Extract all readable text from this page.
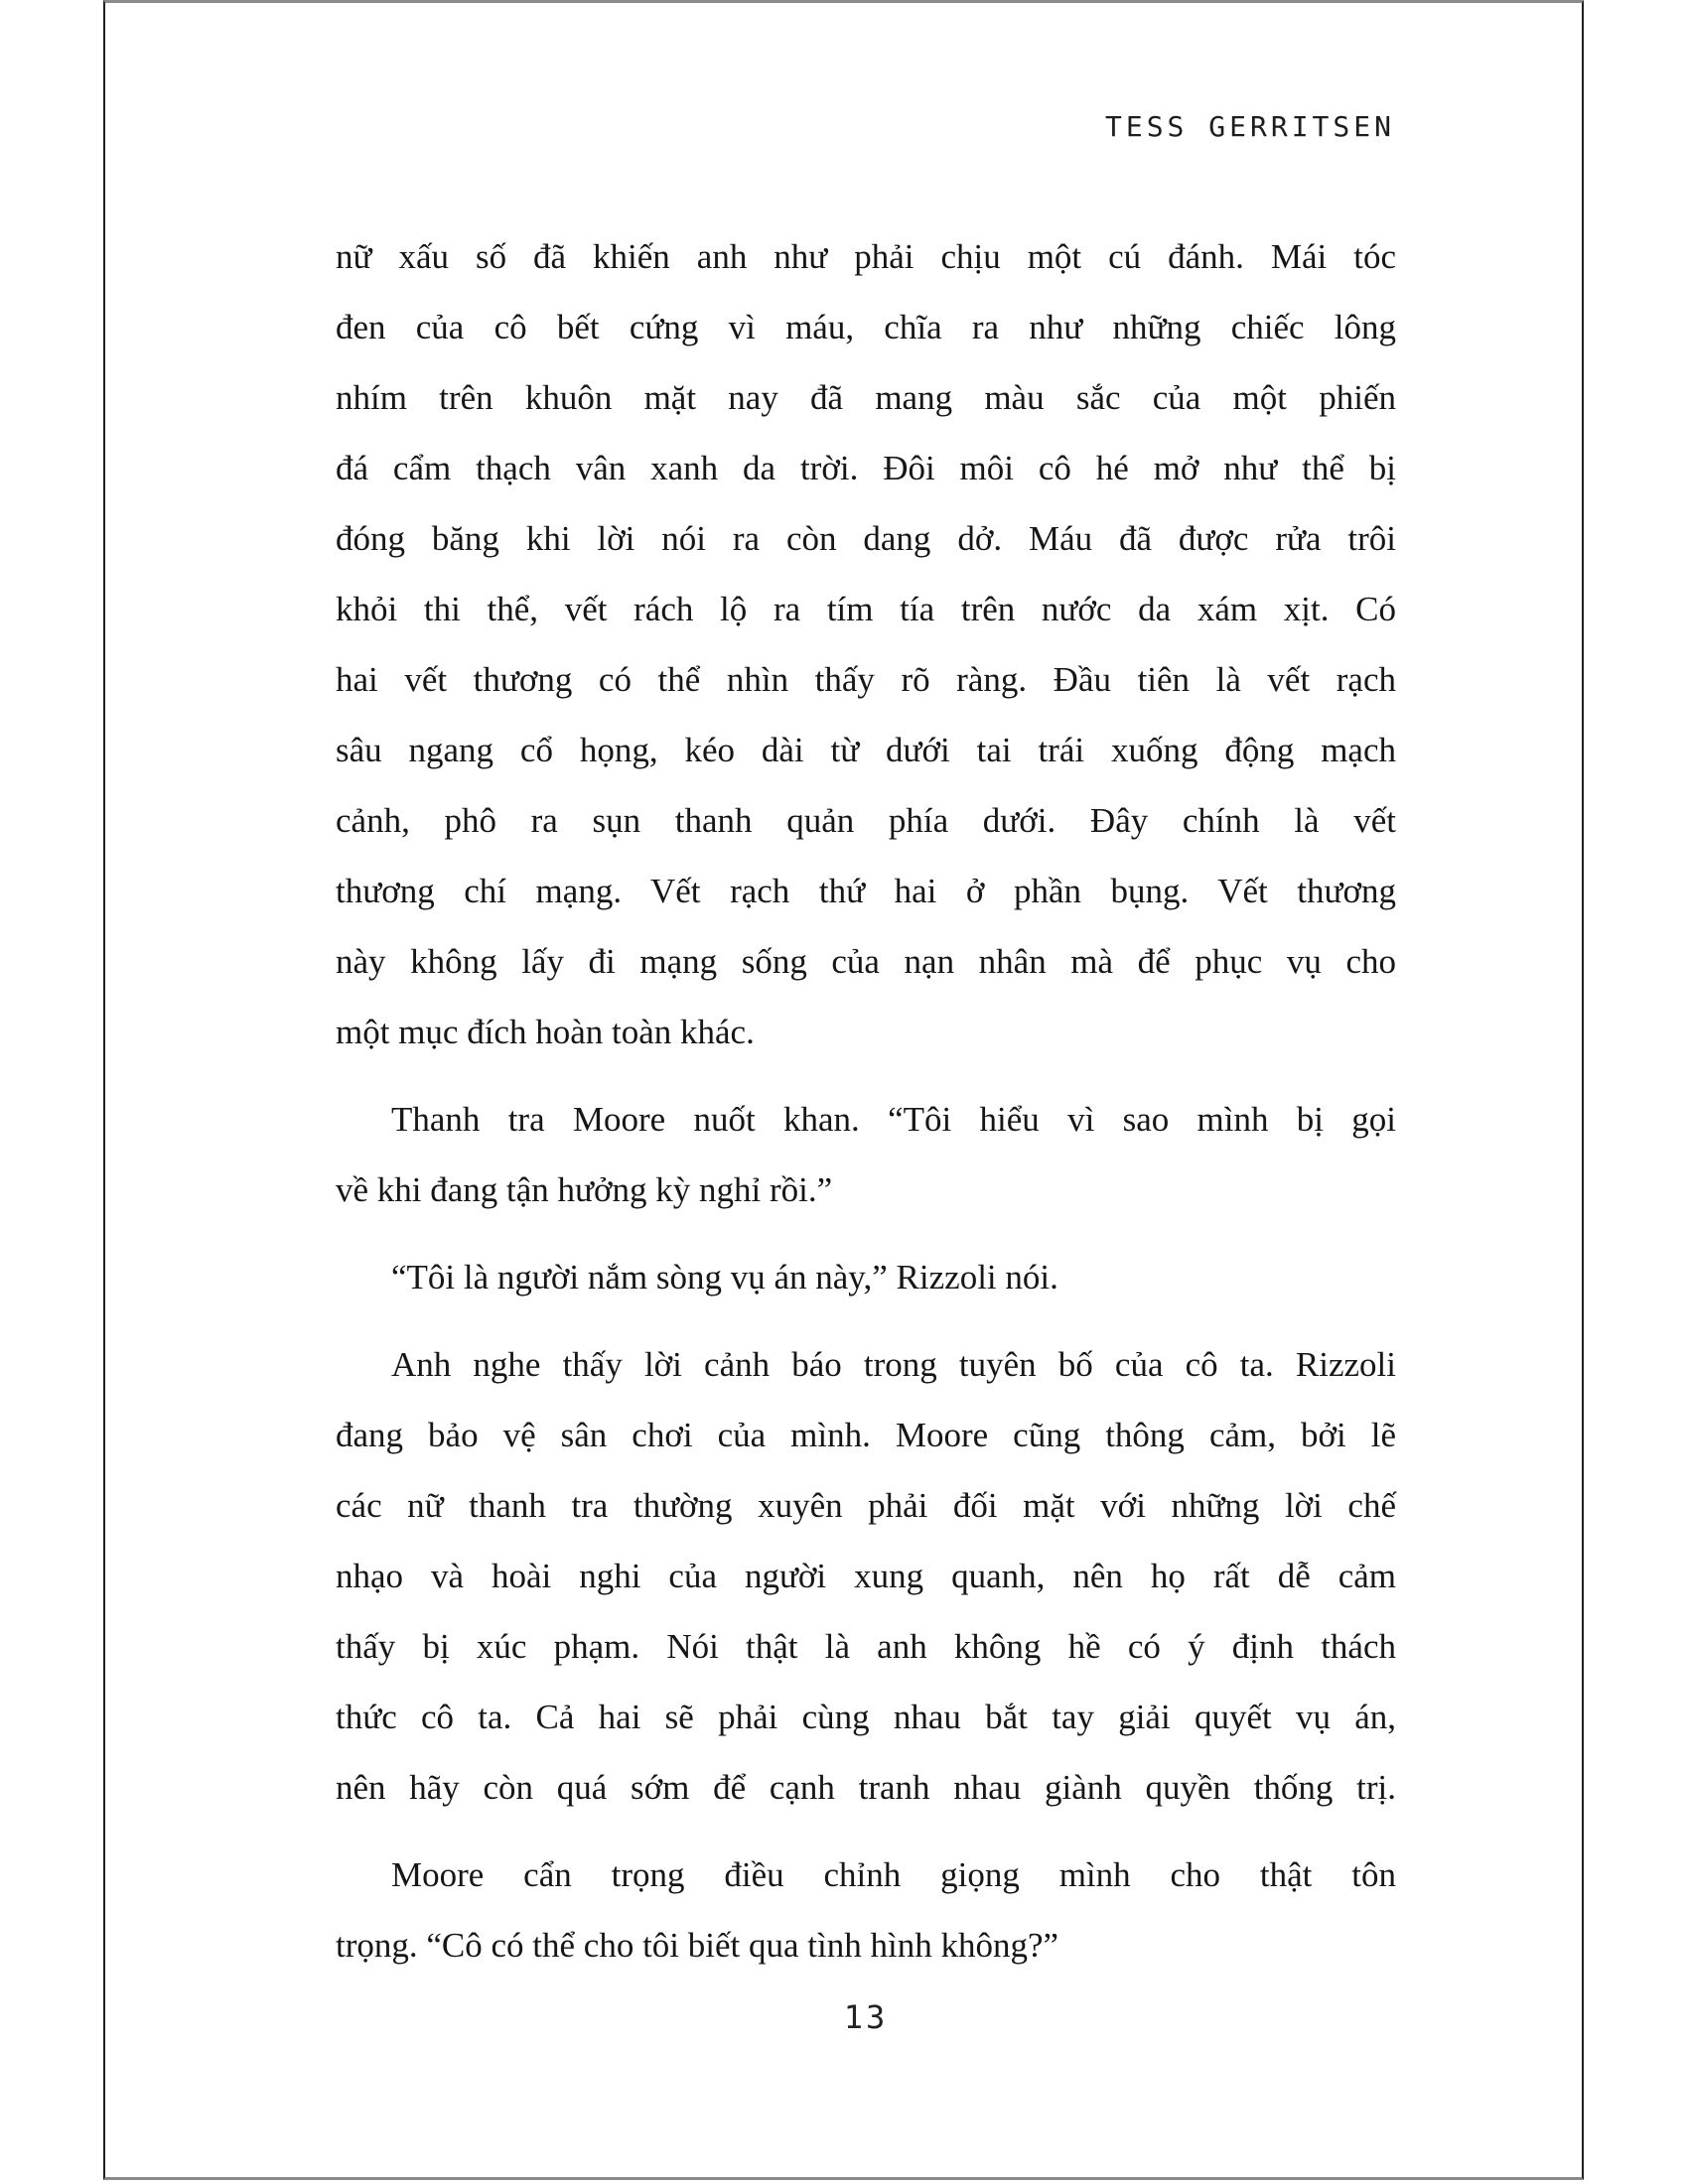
TESS GERRITSEN
nữ xấu số đã khiến anh như phải chịu một cú đánh. Mái tóc
đen của cô bết cứng vì máu, chĩa ra như những chiếc lông
nhím trên khuôn mặt nay đã mang màu sắc của một phiến
đá cẩm thạch vân xanh da trời. Đôi môi cô hé mở như thể bị
đóng băng khi lời nói ra còn dang dở. Máu đã được rửa trôi
khỏi thi thể, vết rách lộ ra tím tía trên nước da xám xịt. Có
hai vết thương có thể nhìn thấy rõ ràng. Đầu tiên là vết rạch
sâu ngang cổ họng, kéo dài từ dưới tai trái xuống động mạch
cảnh, phô ra sụn thanh quản phía dưới. Đây chính là vết
thương chí mạng. Vết rạch thứ hai ở phần bụng. Vết thương
này không lấy đi mạng sống của nạn nhân mà để phục vụ cho
một mục đích hoàn toàn khác.
Thanh tra Moore nuốt khan. “Tôi hiểu vì sao mình bị gọi
về khi đang tận hưởng kỳ nghỉ rồi.”
“Tôi là người nắm sòng vụ án này,” Rizzoli nói.
Anh nghe thấy lời cảnh báo trong tuyên bố của cô ta. Rizzoli
đang bảo vệ sân chơi của mình. Moore cũng thông cảm, bởi lẽ
các nữ thanh tra thường xuyên phải đối mặt với những lời chế
nhạo và hoài nghi của người xung quanh, nên họ rất dễ cảm
thấy bị xúc phạm. Nói thật là anh không hề có ý định thách
thức cô ta. Cả hai sẽ phải cùng nhau bắt tay giải quyết vụ án,
nên hãy còn quá sớm để cạnh tranh nhau giành quyền thống trị.
Moore cẩn trọng điều chỉnh giọng mình cho thật tôn
trọng. “Cô có thể cho tôi biết qua tình hình không?”
13
